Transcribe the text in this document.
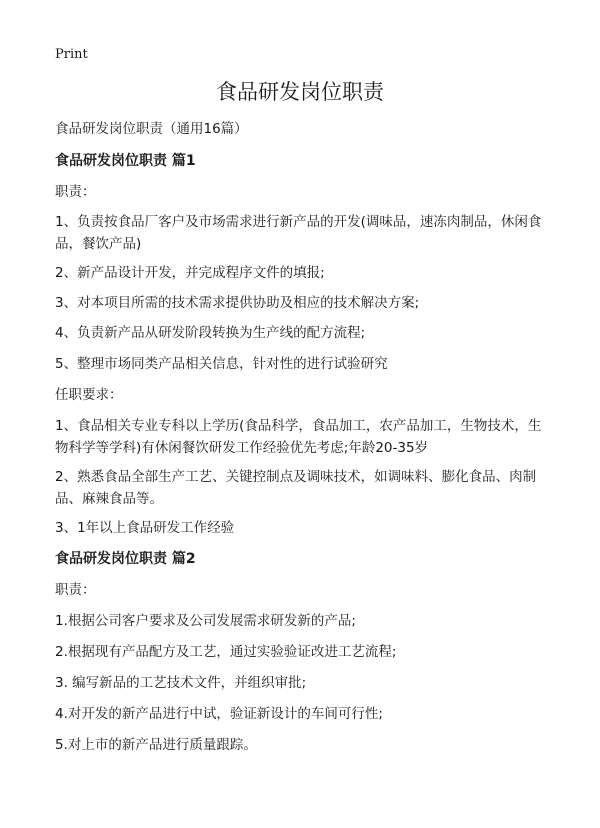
Print
食品研发岗位职责
食品研发岗位职责（通用16篇）
食品研发岗位职责 篇1
职责：
1、负责按食品厂客户及市场需求进行新产品的开发(调味品，速冻肉制品，休闲食品，餐饮产品)
2、新产品设计开发，并完成程序文件的填报;
3、对本项目所需的技术需求提供协助及相应的技术解决方案;
4、负责新产品从研发阶段转换为生产线的配方流程;
5、整理市场同类产品相关信息，针对性的进行试验研究
任职要求：
1、食品相关专业专科以上学历(食品科学，食品加工，农产品加工，生物技术，生物科学等学科)有休闲餐饮研发工作经验优先考虑;年龄20-35岁
2、熟悉食品全部生产工艺、关键控制点及调味技术，如调味料、膨化食品、肉制品、麻辣食品等。
3、1年以上食品研发工作经验
食品研发岗位职责 篇2
职责：
1.根据公司客户要求及公司发展需求研发新的产品;
2.根据现有产品配方及工艺，通过实验验证改进工艺流程;
3. 编写新品的工艺技术文件，并组织审批;
4.对开发的新产品进行中试，验证新设计的车间可行性;
5.对上市的新产品进行质量跟踪。
